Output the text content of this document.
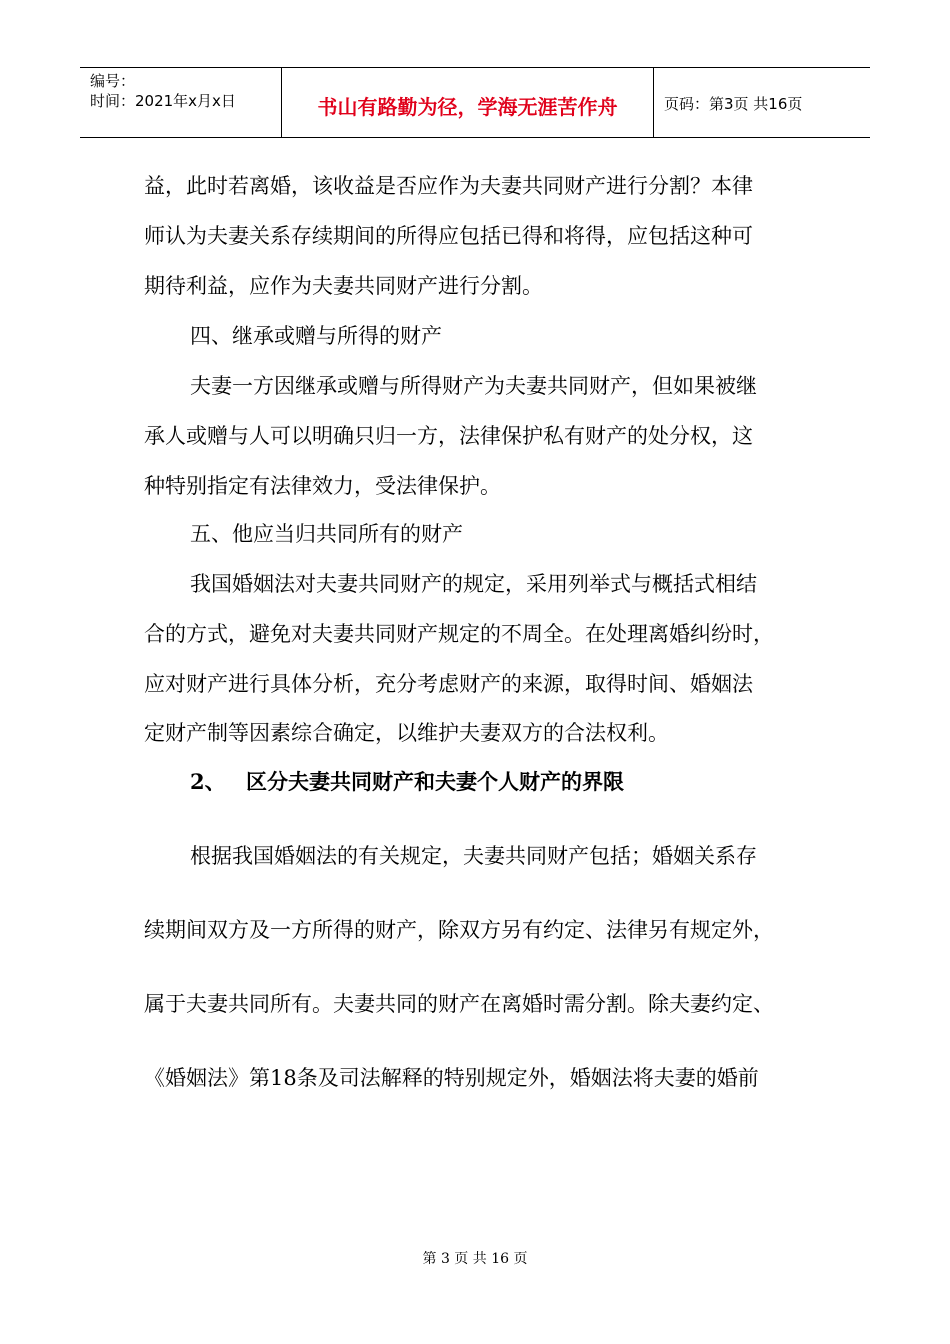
编号：
时间：2021年x月x日	书山有路勤为径，学海无涯苦作舟	页码：第3页 共16页
益，此时若离婚，该收益是否应作为夫妻共同财产进行分割？本律
师认为夫妻关系存续期间的所得应包括已得和将得，应包括这种可
期待利益，应作为夫妻共同财产进行分割。
四、继承或赠与所得的财产
夫妻一方因继承或赠与所得财产为夫妻共同财产，但如果被继
承人或赠与人可以明确只归一方，法律保护私有财产的处分权，这
种特别指定有法律效力，受法律保护。
五、他应当归共同所有的财产
我国婚姻法对夫妻共同财产的规定，采用列举式与概括式相结
合的方式，避免对夫妻共同财产规定的不周全。在处理离婚纠纷时，
应对财产进行具体分析，充分考虑财产的来源，取得时间、婚姻法
定财产制等因素综合确定，以维护夫妻双方的合法权利。
2、 区分夫妻共同财产和夫妻个人财产的界限
根据我国婚姻法的有关规定，夫妻共同财产包括；婚姻关系存
续期间双方及一方所得的财产，除双方另有约定、法律另有规定外，
属于夫妻共同所有。夫妻共同的财产在离婚时需分割。除夫妻约定、
《婚姻法》第18条及司法解释的特别规定外，婚姻法将夫妻的婚前
第 3 页 共 16 页
